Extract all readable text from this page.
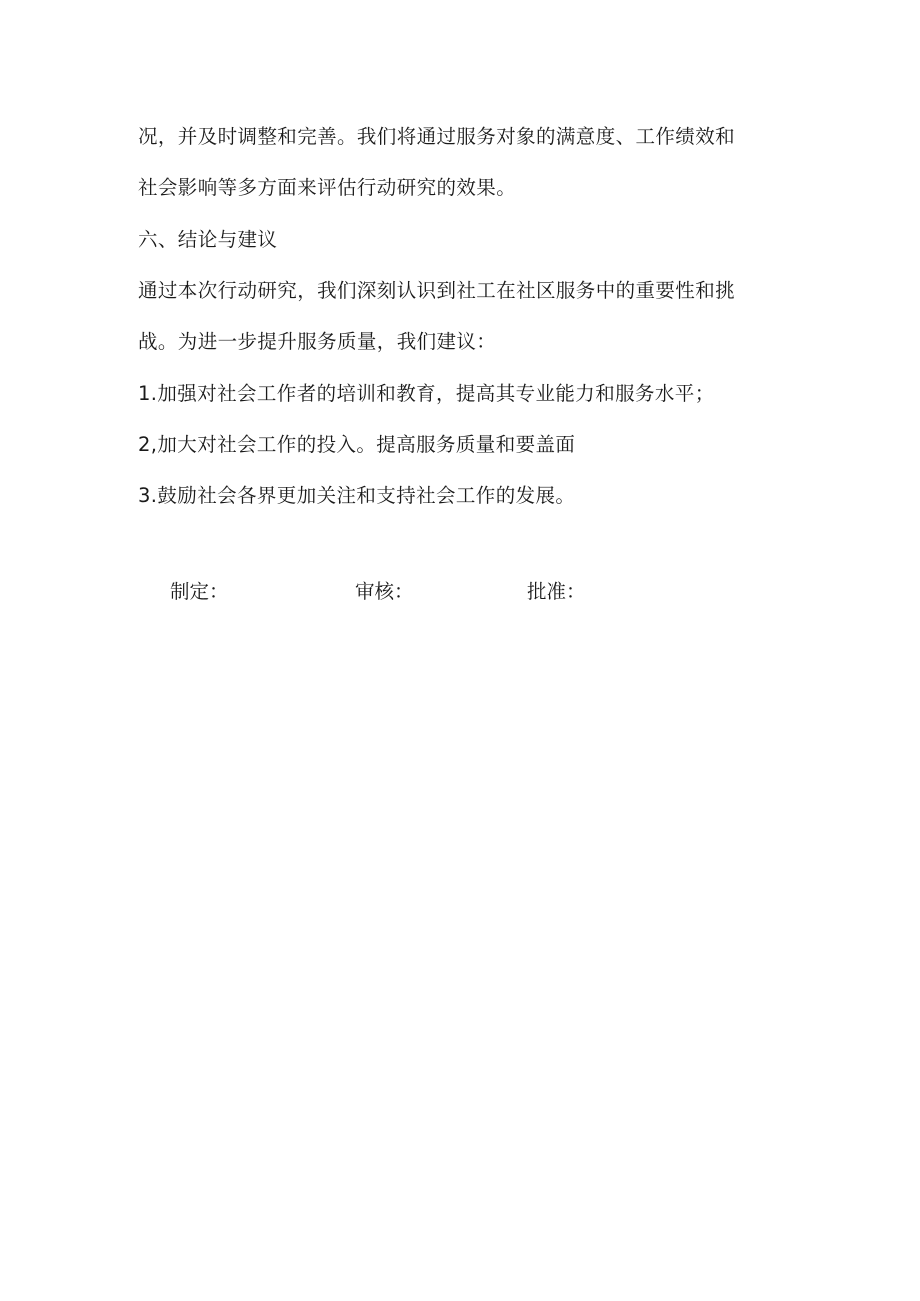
况，并及时调整和完善。我们将通过服务对象的满意度、工作绩效和
社会影响等多方面来评估行动研究的效果。
六、结论与建议
通过本次行动研究，我们深刻认识到社工在社区服务中的重要性和挑
战。为进一步提升服务质量，我们建议：
1.加强对社会工作者的培训和教育，提高其专业能力和服务水平；
2,加大对社会工作的投入。提高服务质量和要盖面
3.鼓励社会各界更加关注和支持社会工作的发展。
制定：	审核：	批准：
